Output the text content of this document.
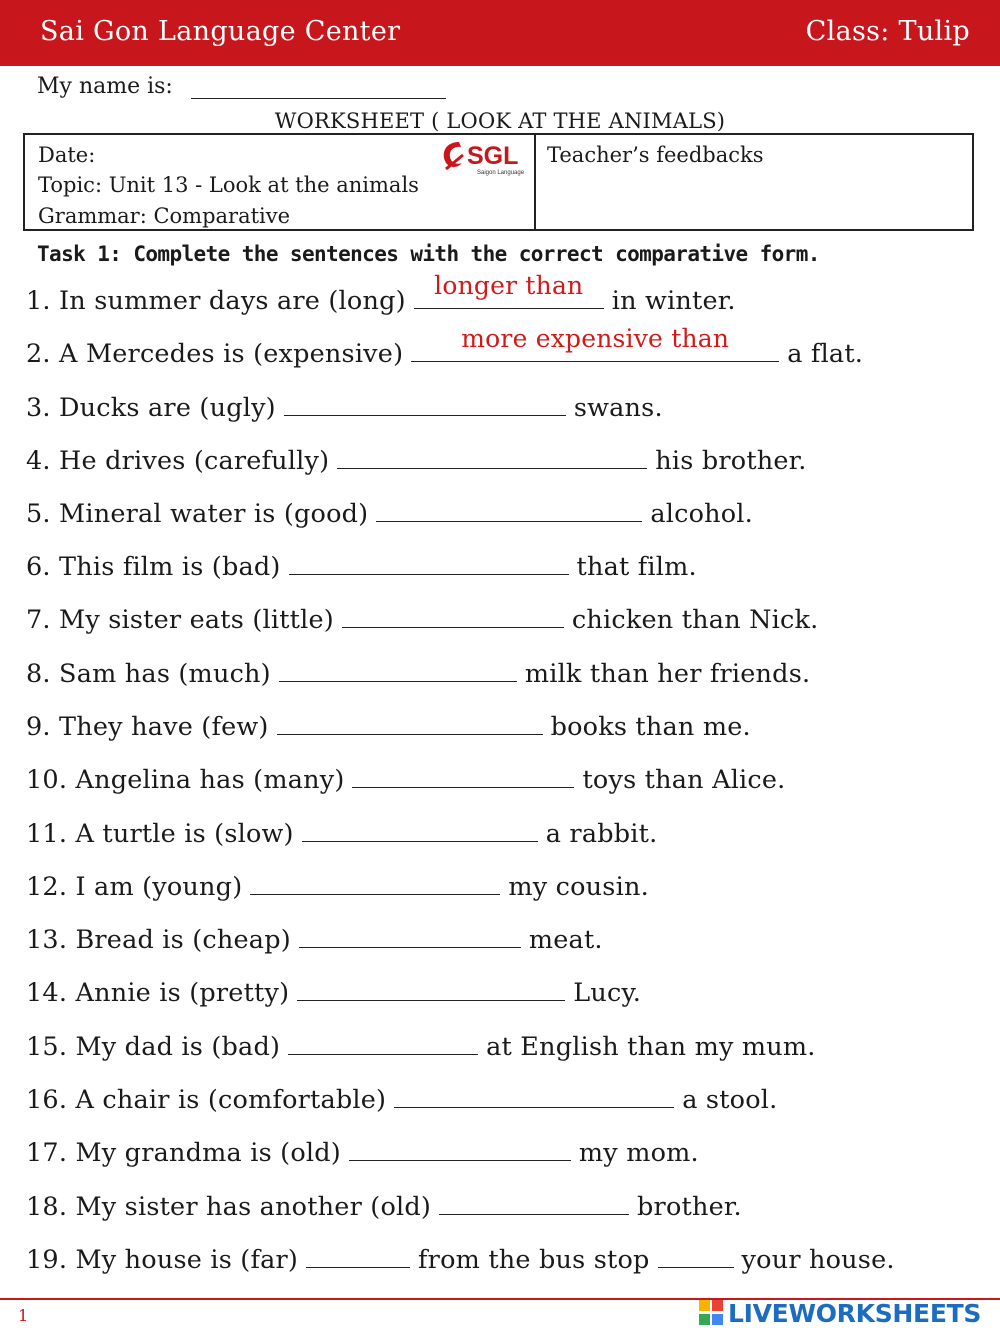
Sai Gon Language Center	Class: Tulip
My name is:
WORKSHEET ( LOOK AT THE ANIMALS)
Date:
Topic: Unit 13 - Look at the animals
Grammar: Comparative
Teacher’s feedbacks
SGL
Saigon Language
Task 1: Complete the sentences with the correct comparative form.
1. In summer days are (long)
longer than
in winter.
2. A Mercedes is (expensive)
more expensive than
a flat.
3. Ducks are (ugly)	swans.
4. He drives (carefully)	his brother.
5. Mineral water is (good)	alcohol.
6. This film is (bad)	that film.
7. My sister eats (little)	chicken than Nick.
8. Sam has (much)	milk than her friends.
9. They have (few)	books than me.
10. Angelina has (many)	toys than Alice.
11. A turtle is (slow)	a rabbit.
12. I am (young)	my cousin.
13. Bread is (cheap)	meat.
14. Annie is (pretty)	Lucy.
15. My dad is (bad)	at English than my mum.
16. A chair is (comfortable)	a stool.
17. My grandma is (old)	my mom.
18. My sister has another (old)	brother.
19. My house is (far)	from the bus stop	your house.
1	LIVEWORKSHEETS
